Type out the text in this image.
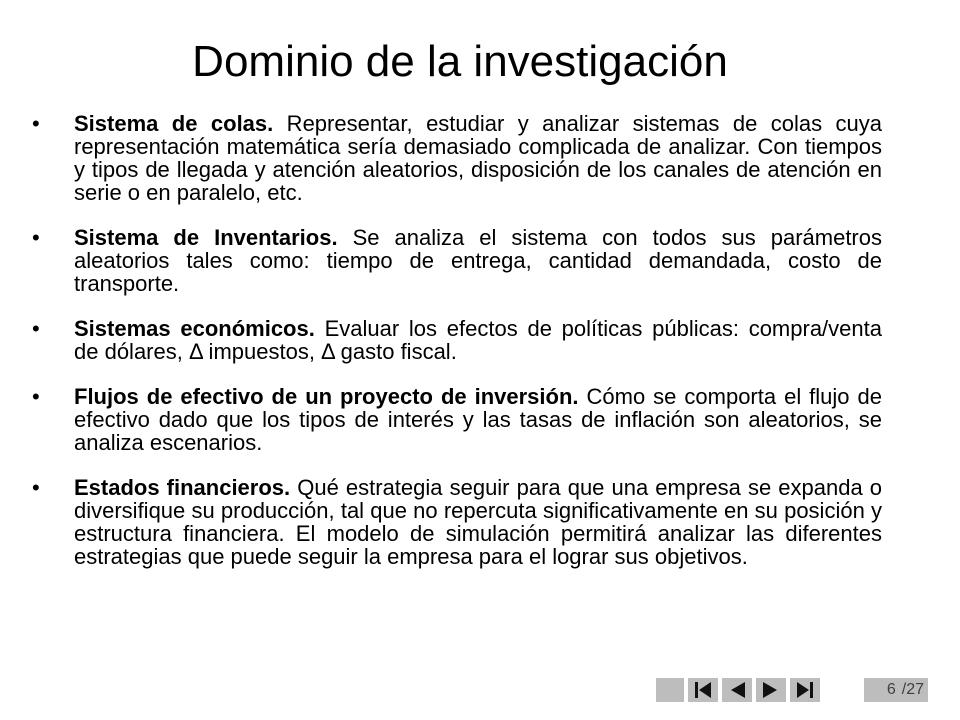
Dominio de la investigación
•	Sistema de colas. Representar, estudiar y analizar sistemas de colas cuya representación matemática sería demasiado complicada de analizar. Con tiempos y tipos de llegada y atención aleatorios, disposición de los canales de atención en serie o en paralelo, etc.
•	Sistema de Inventarios. Se analiza el sistema con todos sus parámetros aleatorios tales como: tiempo de entrega, cantidad demandada, costo de transporte.
•	Sistemas económicos. Evaluar los efectos de políticas públicas: compra/venta de dólares, Δ impuestos, Δ gasto fiscal.
•	Flujos de efectivo de un proyecto de inversión. Cómo se comporta el flujo de efectivo dado que los tipos de interés y las tasas de inflación son aleatorios, se analiza escenarios.
•	Estados financieros. Qué estrategia seguir para que una empresa se expanda o diversifique su producción, tal que no repercuta significativamente en su posición y estructura financiera. El modelo de simulación permitirá analizar las diferentes estrategias que puede seguir la empresa para el lograr sus objetivos.
6 /27
